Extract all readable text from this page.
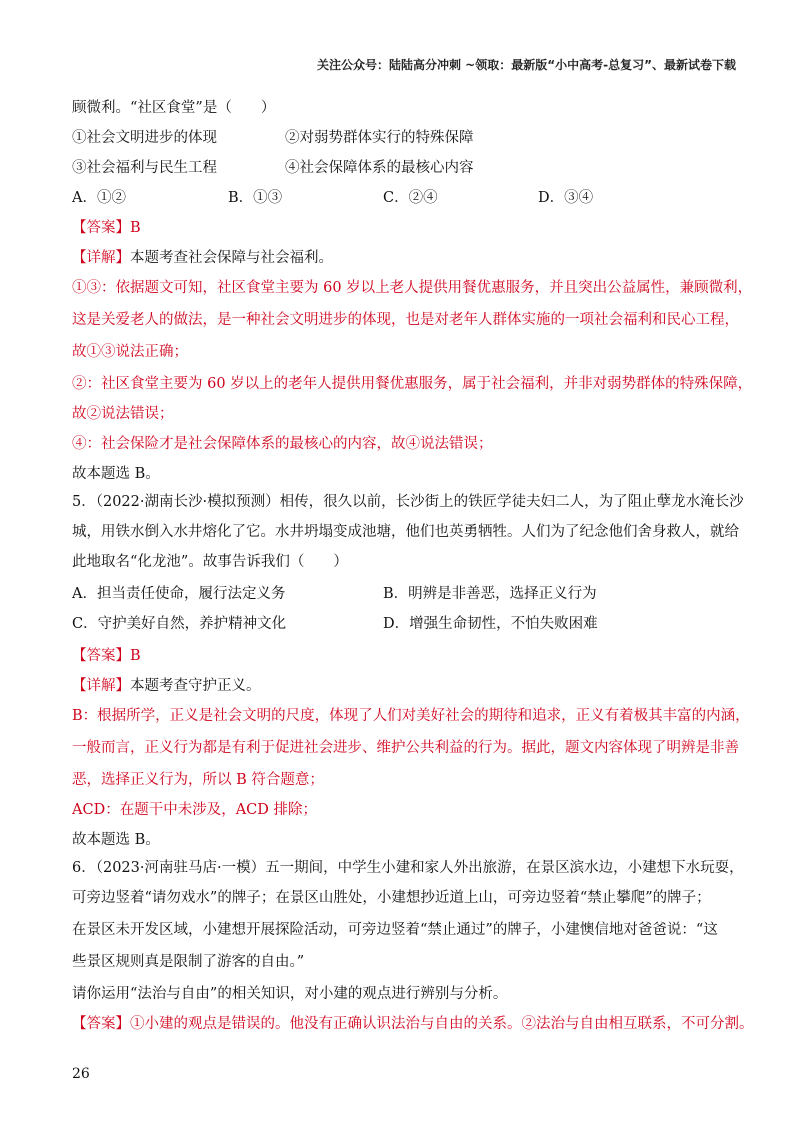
关注公众号：陆陆高分冲刺 ~领取：最新版“小中高考-总复习”、最新试卷下载
顾微利。“社区食堂”是（　　）
①社会文明进步的体现	②对弱势群体实行的特殊保障
③社会福利与民生工程	④社会保障体系的最核心内容
A．①②	B．①③	C．②④	D．③④
【答案】B
【详解】本题考查社会保障与社会福利。
①③：依据题文可知，社区食堂主要为 60 岁以上老人提供用餐优惠服务，并且突出公益属性，兼顾微利，
这是关爱老人的做法，是一种社会文明进步的体现，也是对老年人群体实施的一项社会福利和民心工程，
故①③说法正确；
②：社区食堂主要为 60 岁以上的老年人提供用餐优惠服务，属于社会福利，并非对弱势群体的特殊保障，
故②说法错误；
④：社会保险才是社会保障体系的最核心的内容，故④说法错误；
故本题选 B。
5．（2022·湖南长沙·模拟预测）相传，很久以前，长沙街上的铁匠学徒夫妇二人，为了阻止孽龙水淹长沙
城，用铁水倒入水井熔化了它。水井坍塌变成池塘，他们也英勇牺牲。人们为了纪念他们舍身救人，就给
此地取名“化龙池”。故事告诉我们（　　）
A．担当责任使命，履行法定义务	B．明辨是非善恶，选择正义行为
C．守护美好自然，养护精神文化	D．增强生命韧性，不怕失败困难
【答案】B
【详解】本题考查守护正义。
B：根据所学，正义是社会文明的尺度，体现了人们对美好社会的期待和追求，正义有着极其丰富的内涵，
一般而言，正义行为都是有利于促进社会进步、维护公共利益的行为。据此，题文内容体现了明辨是非善
恶，选择正义行为，所以 B 符合题意；
ACD：在题干中未涉及，ACD 排除；
故本题选 B。
6．（2023·河南驻马店·一模）五一期间，中学生小建和家人外出旅游，在景区滨水边，小建想下水玩耍，
可旁边竖着“请勿戏水”的牌子；在景区山胜处，小建想抄近道上山，可旁边竖着“禁止攀爬”的牌子；
在景区未开发区域，小建想开展探险活动，可旁边竖着“禁止通过”的牌子，小建懊信地对爸爸说：“这
些景区规则真是限制了游客的自由。”
请你运用“法治与自由”的相关知识，对小建的观点进行辨别与分析。
【答案】①小建的观点是错误的。他没有正确认识法治与自由的关系。②法治与自由相互联系，不可分割。
26
